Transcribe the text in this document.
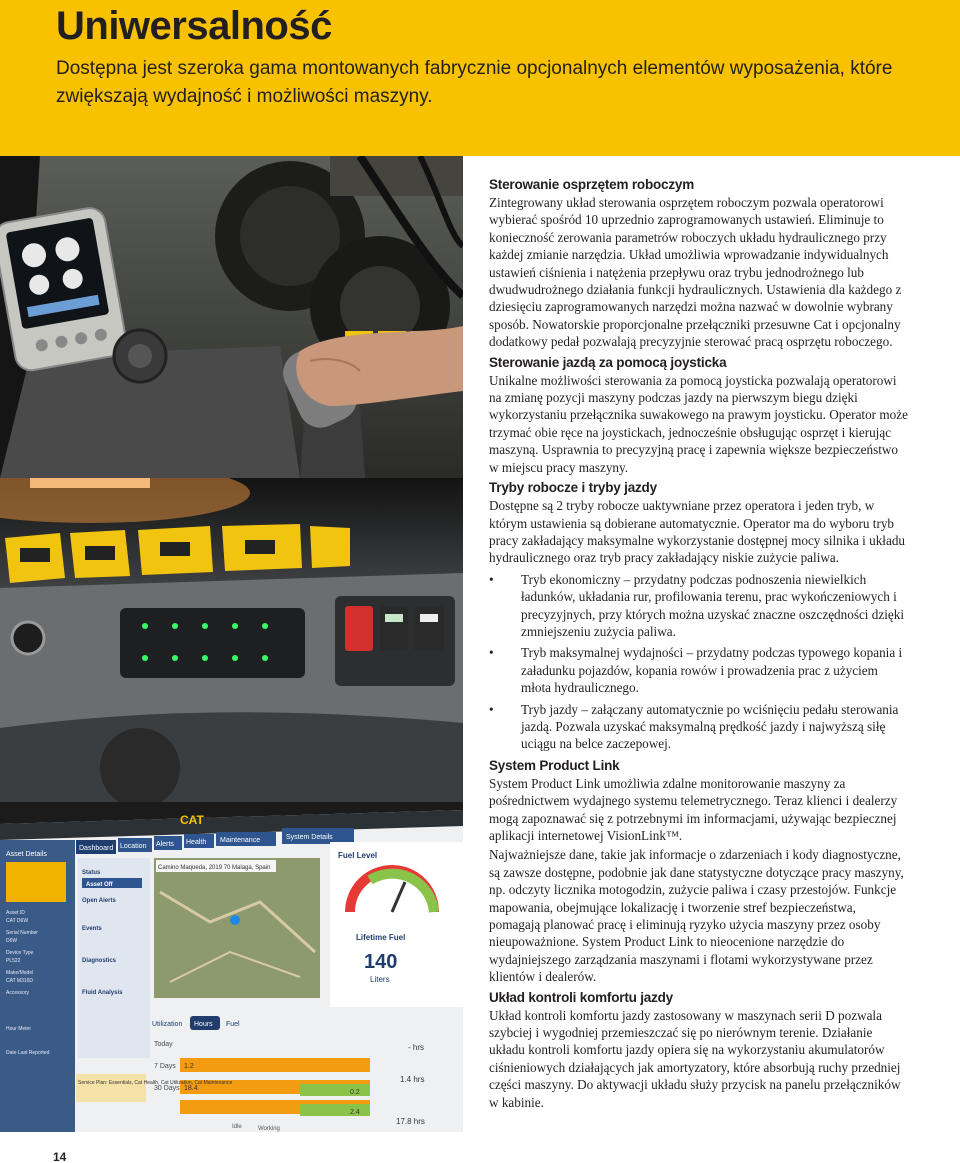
Uniwersalność

Dostępna jest szeroka gama montowanych fabrycznie opcjonalnych elementów wyposażenia, które zwiększają wydajność i możliwości maszyny.

CAT
Asset Details
Asset ID
CAT D6W
Serial Number
D6W
Device Type
PL522
Make/Model
CAT M316D
Accessory
Hour Meter
Date Last Reported
Dashboard Location Alerts Health Maintenance	System Details
Status
Asset Off
Open Alerts
Events
Diagnostics
Fluid Analysis
Camino Maqueda, 2019 70 Malaga, Spain
Fuel Level
Lifetime Fuel
140
Liters
Utilization Hours Fuel
Today
7 Days
30 Days
1.2
18.4
0.2
2.4
- hrs
1.4 hrs
17.8 hrs
Service Plan: Essentials, Cat Health, Cat Utilization, Cat Maintenance
Idle	Working
14
Sterowanie osprzętem roboczym

Zintegrowany układ sterowania osprzętem roboczym pozwala operatorowi wybierać spośród 10 uprzednio zaprogramowanych ustawień. Eliminuje to konieczność zerowania parametrów roboczych układu hydraulicznego przy każdej zmianie narzędzia. Układ umożliwia wprowadzanie indywidualnych ustawień ciśnienia i natężenia przepływu oraz trybu jednodrożnego lub dwudwudrożnego działania funkcji hydraulicznych. Ustawienia dla każdego z dziesięciu zaprogramowanych narzędzi można nazwać w dowolnie wybrany sposób. Nowatorskie proporcjonalne przełączniki przesuwne Cat i opcjonalny dodatkowy pedał pozwalają precyzyjnie sterować pracą osprzętu roboczego.

Sterowanie jazdą za pomocą joysticka

Unikalne możliwości sterowania za pomocą joysticka pozwalają operatorowi na zmianę pozycji maszyny podczas jazdy na pierwszym biegu dzięki wykorzystaniu przełącznika suwakowego na prawym joysticku. Operator może trzymać obie ręce na joystickach, jednocześnie obsługując osprzęt i kierując maszyną. Usprawnia to precyzyjną pracę i zapewnia większe bezpieczeństwo w miejscu pracy maszyny.

Tryby robocze i tryby jazdy

Dostępne są 2 tryby robocze uaktywniane przez operatora i jeden tryb, w którym ustawienia są dobierane automatycznie. Operator ma do wyboru tryb pracy zakładający maksymalne wykorzystanie dostępnej mocy silnika i układu hydraulicznego oraz tryb pracy zakładający niskie zużycie paliwa.

• Tryb ekonomiczny – przydatny podczas podnoszenia niewielkich ładunków, układania rur, profilowania terenu, prac wykończeniowych i precyzyjnych, przy których można uzyskać znaczne oszczędności dzięki zmniejszeniu zużycia paliwa.
• Tryb maksymalnej wydajności – przydatny podczas typowego kopania i załadunku pojazdów, kopania rowów i prowadzenia prac z użyciem młota hydraulicznego.
• Tryb jazdy – załączany automatycznie po wciśnięciu pedału sterowania jazdą. Pozwala uzyskać maksymalną prędkość jazdy i najwyższą siłę uciągu na belce zaczepowej.
System Product Link

System Product Link umożliwia zdalne monitorowanie maszyny za pośrednictwem wydajnego systemu telemetrycznego. Teraz klienci i dealerzy mogą zapoznawać się z potrzebnymi im informacjami, używając bezpiecznej aplikacji internetowej VisionLink™.

Najważniejsze dane, takie jak informacje o zdarzeniach i kody diagnostyczne, są zawsze dostępne, podobnie jak dane statystyczne dotyczące pracy maszyny, np. odczyty licznika motogodzin, zużycie paliwa i czasy przestojów. Funkcje mapowania, obejmujące lokalizację i tworzenie stref bezpieczeństwa, pomagają planować pracę i eliminują ryzyko użycia maszyny przez osoby nieupoważnione. System Product Link to nieocenione narzędzie do wydajniejszego zarządzania maszynami i flotami wykorzystywane przez klientów i dealerów.

Układ kontroli komfortu jazdy

Układ kontroli komfortu jazdy zastosowany w maszynach serii D pozwala szybciej i wygodniej przemieszczać się po nierównym terenie. Działanie układu kontroli komfortu jazdy opiera się na wykorzystaniu akumulatorów ciśnieniowych działających jak amortyzatory, które absorbują ruchy przedniej części maszyny. Do aktywacji układu służy przycisk na panelu przełączników w kabinie.
